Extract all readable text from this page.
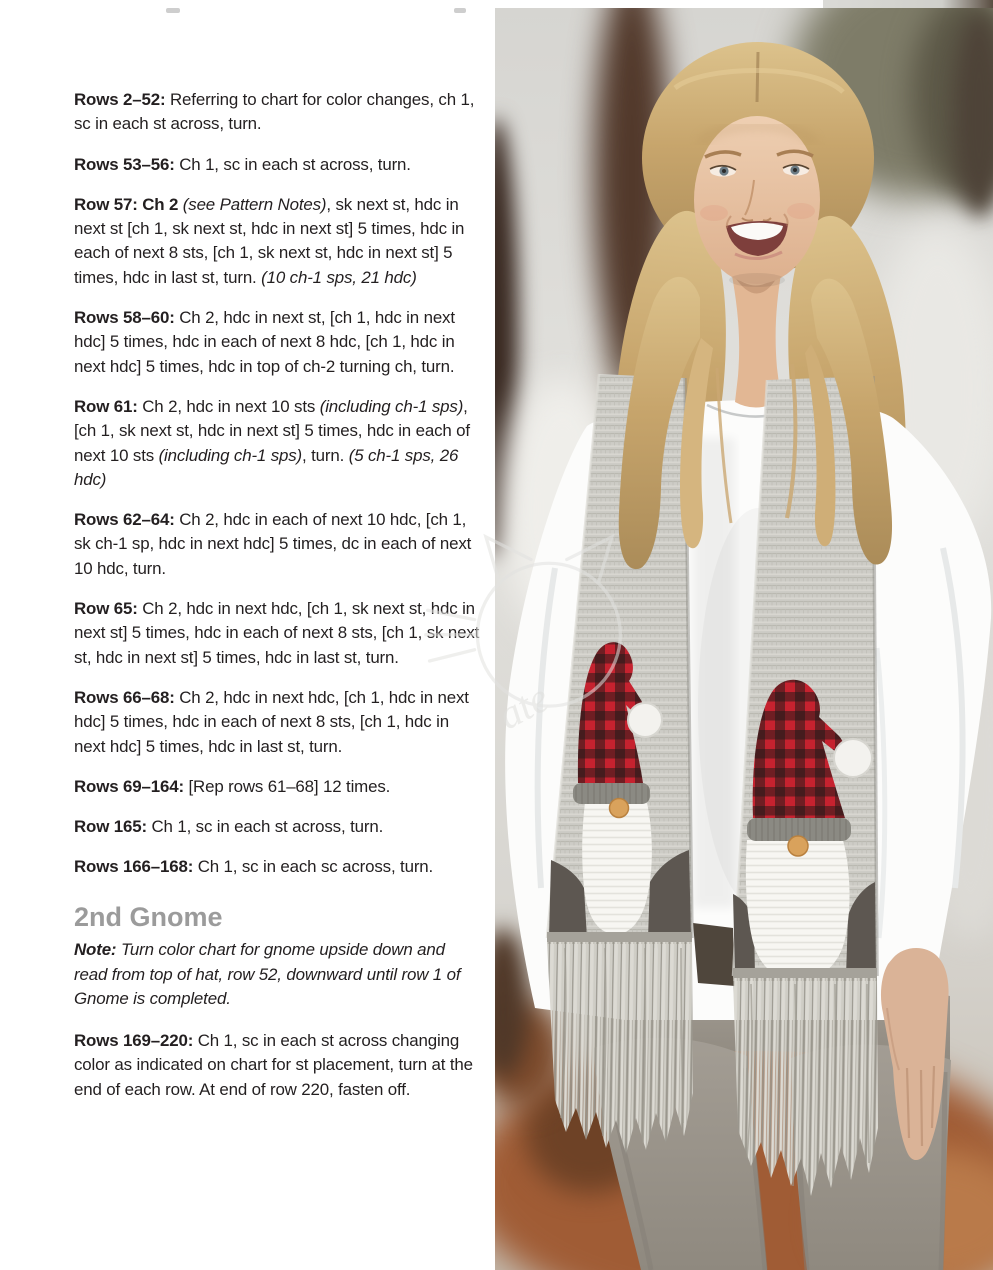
Rows 2–52: Referring to chart for color changes, ch 1, sc in each st across, turn.

Rows 53–56: Ch 1, sc in each st across, turn.

Row 57: Ch 2 (see Pattern Notes), sk next st, hdc in next st [ch 1, sk next st, hdc in next st] 5 times, hdc in each of next 8 sts, [ch 1, sk next st, hdc in next st] 5 times, hdc in last st, turn. (10 ch-1 sps, 21 hdc)

Rows 58–60: Ch 2, hdc in next st, [ch 1, hdc in next hdc] 5 times, hdc in each of next 8 hdc, [ch 1, hdc in next hdc] 5 times, hdc in top of ch-2 turning ch, turn.

Row 61: Ch 2, hdc in next 10 sts (including ch-1 sps), [ch 1, sk next st, hdc in next st] 5 times, hdc in each of next 10 sts (including ch-1 sps), turn. (5 ch-1 sps, 26 hdc)

Rows 62–64: Ch 2, hdc in each of next 10 hdc, [ch 1, sk ch-1 sp, hdc in next hdc] 5 times, dc in each of next 10 hdc, turn.

Row 65: Ch 2, hdc in next hdc, [ch 1, sk next st, hdc in next st] 5 times, hdc in each of next 8 sts, [ch 1, sk next st, hdc in next st] 5 times, hdc in last st, turn.

Rows 66–68: Ch 2, hdc in next hdc, [ch 1, hdc in next hdc] 5 times, hdc in each of next 8 sts, [ch 1, hdc in next hdc] 5 times, hdc in last st, turn.

Rows 69–164: [Rep rows 61–68] 12 times.

Row 165: Ch 1, sc in each st across, turn.

Rows 166–168: Ch 1, sc in each sc across, turn.

2nd Gnome

Note: Turn color chart for gnome upside down and read from top of hat, row 52, downward until row 1 of Gnome is completed.

Rows 169–220: Ch 1, sc in each st across changing color as indicated on chart for st placement, turn at the end of each row. At end of row 220, fasten off.

ate
